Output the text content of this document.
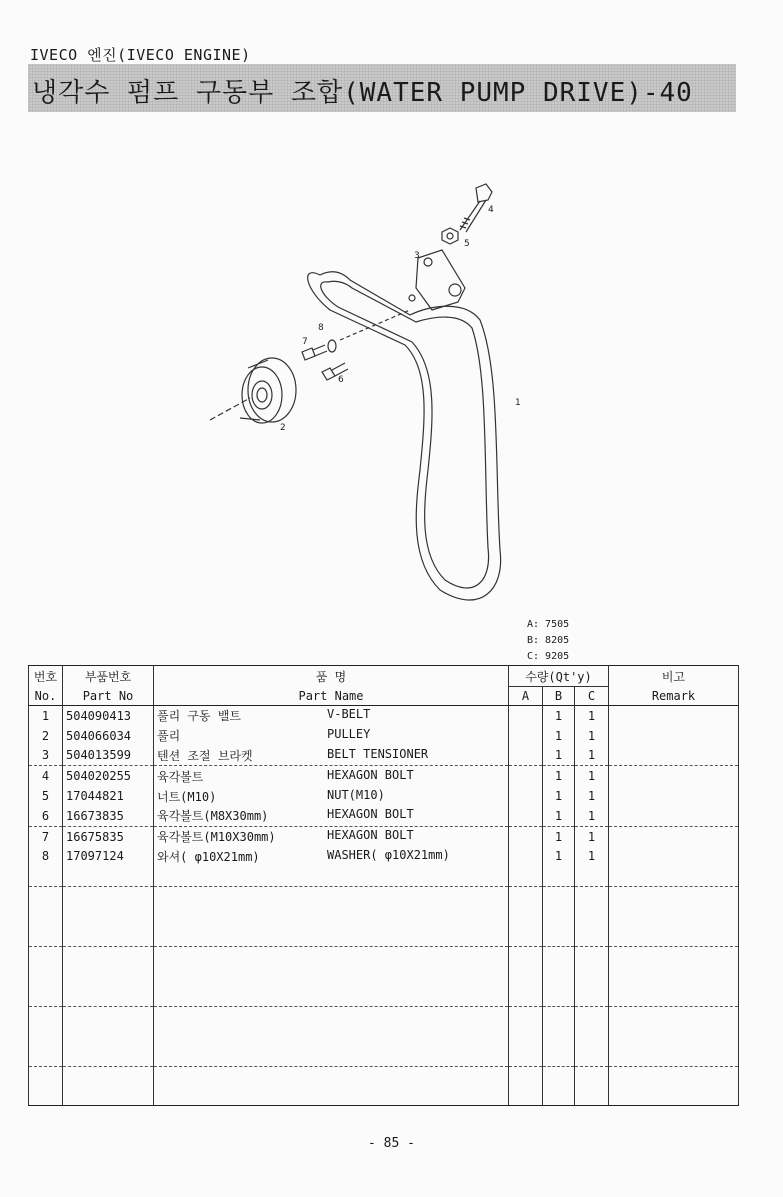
IVECO 엔진(IVECO ENGINE)
냉각수 펌프 구동부 조합(WATER PUMP DRIVE)-40
1
2
3
4
5
6
7
8
A: 7505
B: 8205
C: 9205
번호	부품번호	품 명	수량(Qt'y)			비고
No.	Part No	Part Name	A	B	C	Remark
1	504090413	풀리 구동 밸트 V-BELT		1	1	
2	504066034	풀리 PULLEY		1	1	
3	504013599	텐션 조절 브라켓 BELT TENSIONER		1	1	
4	504020255	육각볼트 HEXAGON BOLT		1	1	
5	17044821	너트(M10) NUT(M10)		1	1	
6	16673835	육각볼트(M8X30mm) HEXAGON BOLT		1	1	
7	16675835	육각볼트(M10X30mm) HEXAGON BOLT		1	1	
8	17097124	와셔( φ10X21mm) WASHER( φ10X21mm)		1	1	

- 85 -
